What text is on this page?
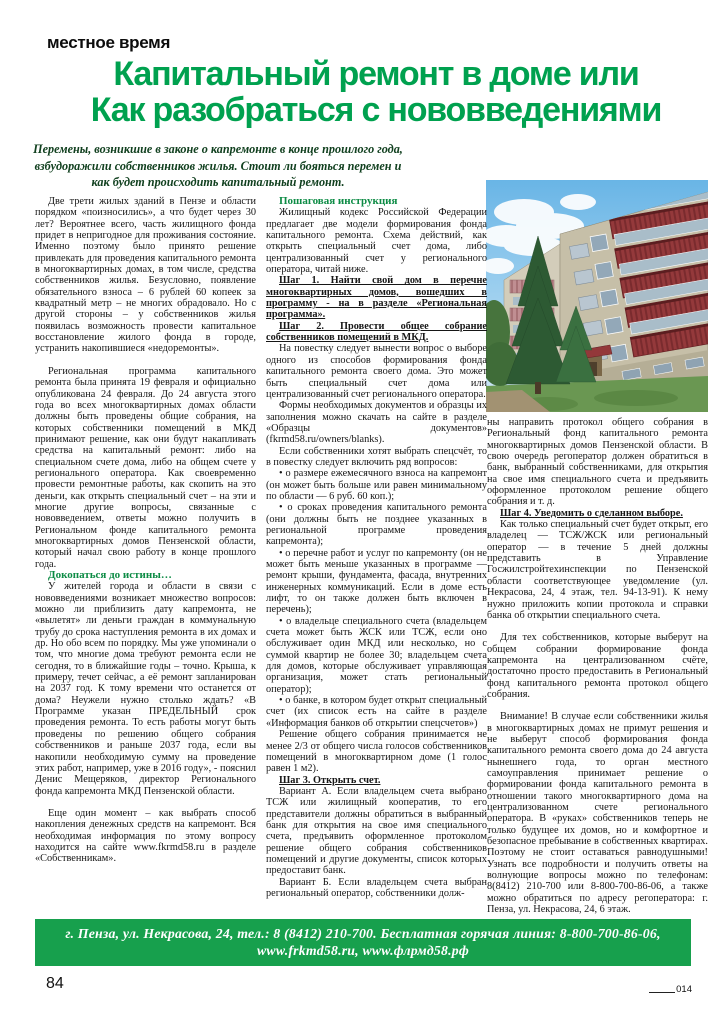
местное время
Капитальный ремонт в доме или
Как разобраться с нововведениями
Перемены, возникшие в законе о капремонте в конце прошлого года, взбудоражили собственников жилья. Стоит ли бояться перемен и как будет происходить капитальный ремонт.

Две трети жилых зданий в Пензе и области порядком «поизносились», а что будет через 30 лет? Вероятнее всего, часть жилищного фонда придет в непригодное для проживания состояние. Именно поэтому было принято решение привлекать для проведения капитального ремонта в многоквартирных домах, в том числе, средства собственников жилья. Безусловно, появление обязательного взноса – 6 рублей 60 копеек за квадратный метр – не многих обрадовало. Но с другой стороны – у собственников жилья появилась возможность провести капитальное восстановление жилого фонда в городе, устранить накопившиеся «недоремонты».

Региональная программа капитального ремонта была принята 19 февраля и официально опубликована 24 февраля. До 24 августа этого года во всех многоквартирных домах области должны быть проведены общие собрания, на которых собственники помещений в МКД принимают решение, как они будут накапливать средства на капитальный ремонт: либо на специальном счете дома, либо на общем счете у регионального оператора. Как своевременно провести ремонтные работы, как скопить на это деньги, как открыть специальный счет – на эти и многие другие вопросы, связанные с нововведением, ответы можно получить в Региональном фонде капитального ремонта многоквартирных домов Пензенской области, который начал свою работу в конце прошлого года.

Докопаться до истины…

У жителей города и области в связи с нововведениями возникает множество вопросов: можно ли приблизить дату капремонта, не «вылетят» ли деньги граждан в коммунальную трубу до срока наступления ремонта в их домах и др. Но обо всем по порядку. Мы уже упоминали о том, что многие дома требуют ремонта если не сегодня, то в ближайшие годы – точно. Крыша, к примеру, течет сейчас, а её ремонт запланирован на 2037 год. К тому времени что останется от дома? Неужели нужно столько ждать? «В Программе указан ПРЕДЕЛЬНЫЙ срок проведения ремонта. То есть работы могут быть проведены по решению общего собрания собственников и раньше 2037 года, если вы накопили необходимую сумму на проведение этих работ, например, уже в 2016 году», - пояснил Денис Мещеряков, директор Регионального фонда капремонта МКД Пензенской области.

Еще один момент – как выбрать способ накопления денежных средств на капремонт. Вся необходимая информация по этому вопросу находится на сайте www.fkrmd58.ru в разделе «Собственникам».

Пошаговая инструкция

Жилищный кодекс Российской Федерации предлагает две модели формирования фонда капитального ремонта. Схема действий, как открыть специальный счет дома, либо централизованный счет у регионального оператора, читай ниже.

Шаг 1. Найти свой дом в перечне многоквартирных домов, вошедших в программу - на в разделе «Региональная программа».

Шаг 2. Провести общее собрание собственников помещений в МКД.

На повестку следует вынести вопрос о выборе одного из способов формирования фонда капитального ремонта своего дома. Это может быть специальный счет дома или централизованный счет регионального оператора.

Формы необходимых документов и образцы их заполнения можно скачать на сайте в разделе «Образцы документов» (fkrmd58.ru/owners/blanks).

Если собственники хотят выбрать спецсчёт, то в повестку следует включить ряд вопросов:

• о размере ежемесячного взноса на капремонт (он может быть больше или равен минимальному по области — 6 руб. 60 коп.);

• о сроках проведения капитального ремонта (они должны быть не позднее указанных в региональной программе проведения капремонта);

• о перечне работ и услуг по капремонту (он не может быть меньше указанных в программе — ремонт крыши, фундамента, фасада, внутренних инженерных коммуникаций. Если в доме есть лифт, то он также должен быть включен в перечень);

• о владельце специального счета (владельцем счета может быть ЖСК или ТСЖ, если оно обслуживает один МКД или несколько, но с суммой квартир не более 30; владельцем счета для домов, которые обслуживает управляющая организация, может стать региональный оператор);

• о банке, в котором будет открыт специальный счет (их список есть на сайте в разделе «Информация банков об открытии спецсчетов»)

Решение общего собрания принимается не менее 2/3 от общего числа голосов собственников помещений в многоквартирном доме (1 голос равен 1 м2).

Шаг 3. Открыть счет.

Вариант А. Если владельцем счета выбрано ТСЖ или жилищный кооператив, то его представители должны обратиться в выбранный банк для открытия на свое имя специального счета, предъявить оформленное протоколом решение общего собрания собственников помещений и другие документы, список которых предоставит банк.

Вариант Б. Если владельцем счета выбран региональный оператор, собственники долж-

ны направить протокол общего собрания в Региональный фонд капитального ремонта многоквартирных домов Пензенской области. В свою очередь регоператор должен обратиться в банк, выбранный собственниками, для открытия на свое имя специального счета и предъявить оформленное протоколом решение общего собрания и т. д.

Шаг 4. Уведомить о сделанном выборе.

Как только специальный счет будет открыт, его владелец — ТСЖ/ЖСК или региональный оператор — в течение 5 дней должны представить в Управление Госжилстройтехинспекции по Пензенской области соответствующее уведомление (ул. Некрасова, 24, 4 этаж, тел. 94-13-91). К нему нужно приложить копии протокола и справки банка об открытии специального счета.

Для тех собственников, которые выберут на общем собрании формирование фонда капремонта на централизованном счёте, достаточно просто предоставить в Региональный фонд капитального ремонта протокол общего собрания.

Внимание! В случае если собственники жилья в многоквартирных домах не примут решения и не выберут способ формирования фонда капитального ремонта своего дома до 24 августа нынешнего года, то орган местного самоуправления принимает решение о формировании фонда капитального ремонта в отношении такого многоквартирного дома на централизованном счете регионального оператора. В «руках» собственников теперь не только будущее их домов, но и комфортное и безопасное пребывание в собственных квартирах. Поэтому не стоит оставаться равнодушными! Узнать все подробности и получить ответы на волнующие вопросы можно по телефонам: 8(8412) 210-700 или 8-800-700-86-06, а также можно обратиться по адресу регоператора: г. Пенза, ул. Некрасова, 24, 6 этаж.

г. Пенза, ул. Некрасова, 24, тел.: 8 (8412) 210-700. Бесплатная горячая линия: 8-800-700-86-06,
www.frkmd58.ru, www.флрмд58.рф
84	014
